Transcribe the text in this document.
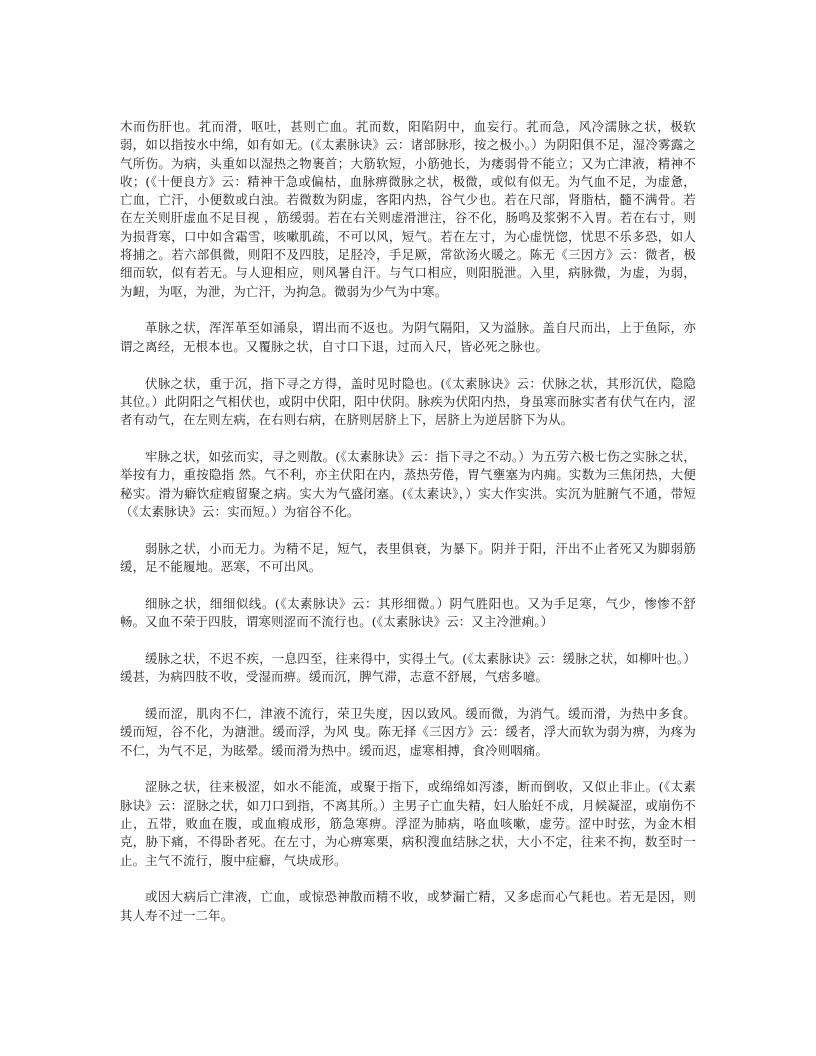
木而伤肝也。芤而滑，呕吐，甚则亡血。芤而数，阳陷阴中，血妄行。芤而急，风冷濡脉之状，极软弱，如以指按水中绵，如有如无。(《太素脉诀》云：诸部脉形，按之极小。）为阴阳俱不足，湿冷雾露之气所伤。为病，头重如以湿热之物裹首；大筋软短，小筋弛长，为痿弱骨不能立；又为亡津液，精神不收；(《十便良方》云：精神干急或偏枯，血脉痹微脉之状，极微，或似有似无。为气血不足，为虚惫，亡血，亡汗，小便数或白浊。若微数为阴虚，客阳内热，谷气少也。若在尺部，肾脂枯，髓不满骨。若在左关则肝虚血不足目视 ，筋缓弱。若在右关则虚滑泄注，谷不化，肠鸣及浆粥不入胃。若在右寸，则为损背寒，口中如含霜雪，咳嗽肌疏，不可以风，短气。若在左寸，为心虚恍惚，忧思不乐多恐，如人将捕之。若六部俱微，则阳不及四肢，足胫冷，手足厥，常欲汤火暖之。陈无《三因方》云：微者，极细而软，似有若无。与人迎相应，则风暑自汗。与气口相应，则阳脱泄。入里，病脉微，为虚，为弱，为衄，为呕，为泄，为亡汗，为拘急。微弱为少气为中寒。

革脉之状，浑浑革至如涌泉，谓出而不返也。为阴气隔阳，又为溢脉。盖自尺而出，上于鱼际，亦谓之离经，无根本也。又覆脉之状，自寸口下退，过而入尺，皆必死之脉也。

伏脉之状，重于沉，指下寻之方得，盖时见时隐也。(《太素脉诀》云：伏脉之状，其形沉伏，隐隐其位。）此阴阳之气相伏也，或阴中伏阳，阳中伏阴。脉疾为伏阳内热，身虽寒而脉实者有伏气在内，涩者有动气，在左则左病，在右则右病，在脐则居脐上下，居脐上为逆居脐下为从。

牢脉之状，如弦而实，寻之则散。(《太素脉诀》云：指下寻之不动。）为五劳六极七伤之实脉之状，举按有力，重按隐指 然。气不利，亦主伏阳在内，蒸热劳倦，胃气壅塞为内痈。实数为三焦闭热，大便秘实。滑为癖饮症瘕留聚之病。实大为气盛闭塞。(《太素诀》，）实大作实洪。实沉为脏腑气不通，带短（《太素脉诀》云：实而短。）为宿谷不化。

弱脉之状，小而无力。为精不足，短气，表里俱衰，为暴下。阴并于阳，汗出不止者死又为脚弱筋缓，足不能履地。恶寒，不可出风。

细脉之状，细细似线。(《太素脉诀》云：其形细微。）阴气胜阳也。又为手足寒，气少，惨惨不舒畅。又血不荣于四肢，谓寒则涩而不流行也。(《太素脉诀》云：又主冷泄痢。）

缓脉之状，不迟不疾，一息四至，往来得中，实得土气。(《太素脉诀》云：缓脉之状，如柳叶也。）缓甚，为病四肢不收，受湿而痹。缓而沉，脾气滞，志意不舒展，气痞多噫。

缓而涩，肌肉不仁，津液不流行，荣卫失度，因以致风。缓而微，为消气。缓而滑，为热中多食。缓而短，谷不化，为溏泄。缓而浮，为风 曳。陈无择《三因方》云：缓者，浮大而软为弱为痹，为疼为不仁，为气不足，为眩晕。缓而滑为热中。缓而迟，虚寒相搏，食冷则咽痛。

涩脉之状，往来极涩，如水不能流，或聚于指下，或绵绵如泻漆，断而倒收，又似止非止。(《太素脉诀》云：涩脉之状，如刀口到指，不离其所。）主男子亡血失精，妇人胎妊不成，月候凝涩，或崩伤不止，五带，败血在腹，或血瘕成形，筋急寒痹。浮涩为肺病，咯血咳嗽，虚劳。涩中时弦，为金木相克，胁下痛，不得卧者死。在左寸，为心痹寒栗，病积溲血结脉之状，大小不定，往来不拘，数至时一止。主气不流行，腹中症癖，气块成形。

或因大病后亡津液，亡血，或惊恐神散而精不收，或梦漏亡精，又多虑而心气耗也。若无是因，则其人寿不过一二年。
